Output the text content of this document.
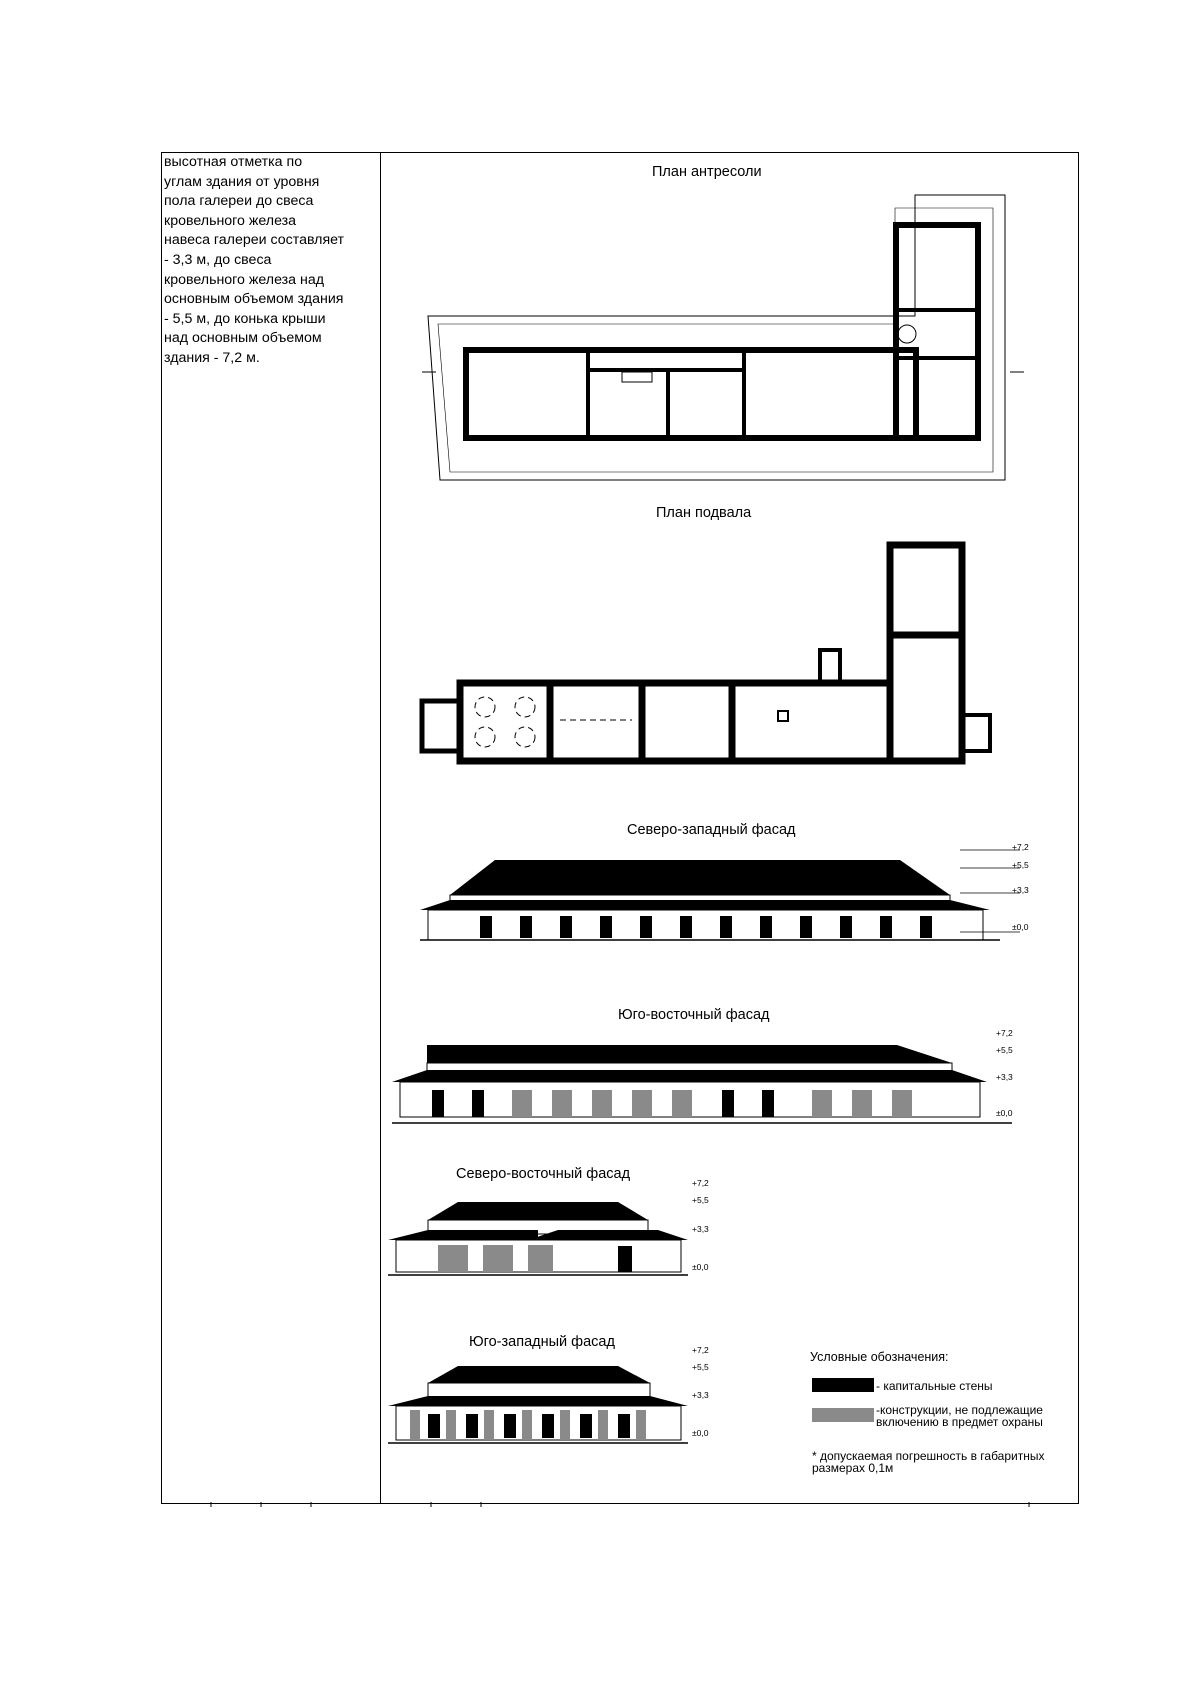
высотная отметка по
углам здания от уровня
пола галереи до свеса
кровельного железа
навеса галереи составляет
- 3,3 м, до свеса
кровельного железа над
основным объемом здания
- 5,5 м, до конька крыши
над основным объемом
здания - 7,2 м.
План антресоли
План подвала
Северо-западный фасад
+7,2
+5,5
+3,3
±0,0
Юго-восточный фасад
+7,2
+5,5
+3,3
±0,0
Северо-восточный фасад
+7,2
+5,5
+3,3
±0,0
Юго-западный фасад	+7,2
+5,5
+3,3
±0,0
Условные обозначения:
- капитальные стены
-конструкции, не подлежащие
включению в предмет охраны
* допускаемая погрешность в габаритных
размерах 0,1м
